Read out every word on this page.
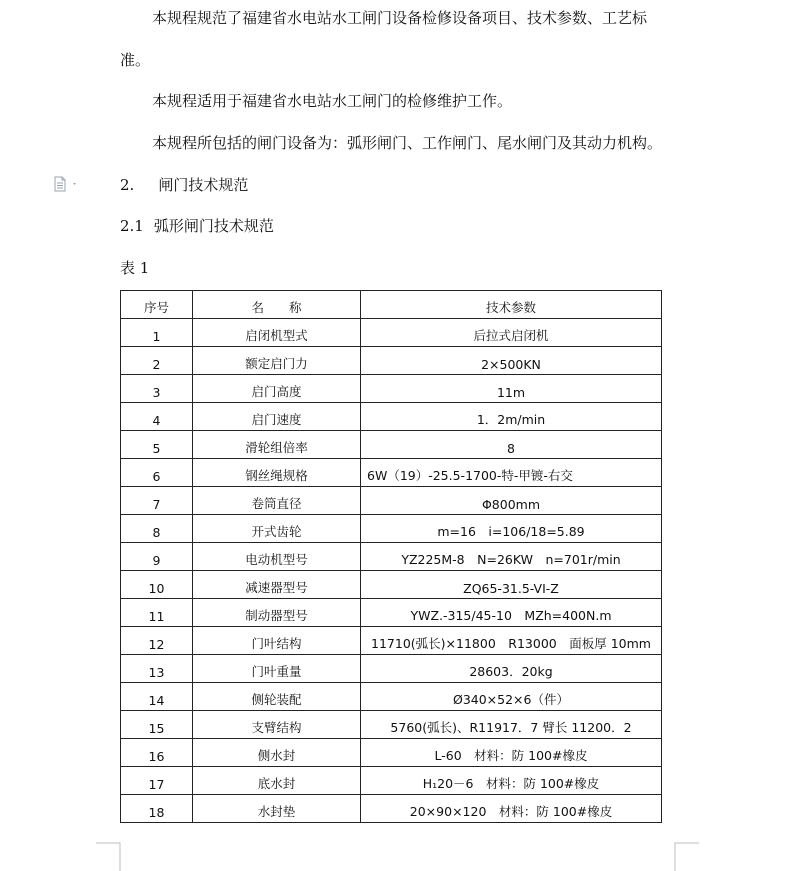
本规程规范了福建省水电站水工闸门设备检修设备项目、技术参数、工艺标
准。
本规程适用于福建省水电站水工闸门的检修维护工作。
本规程所包括的闸门设备为：弧形闸门、工作闸门、尾水闸门及其动力机构。
2. 闸门技术规范
2.1 弧形闸门技术规范
表 1
序号	名　　称	技术参数

1	启闭机型式	后拉式启闭机

2	额定启门力	2×500KN

3	启门高度	11m

4	启门速度	1．2m/min

5	滑轮组倍率	8

6	钢丝绳规格	6W（19）-25.5-1700-特-甲镀-右交

7	卷筒直径	Φ800mm

8	开式齿轮	m=16　i=106/18=5.89

9	电动机型号	YZ225M-8　N=26KW　n=701r/min

10	减速器型号	ZQ65-31.5-VI-Z

11	制动器型号	YWZ.-315/45-10　MZh=400N.m

12	门叶结构	11710(弧长)×11800　R13000　面板厚 10mm

13	门叶重量	28603．20kg

14	侧轮装配	Ø340×52×6（件）

15	支臂结构	5760(弧长)、R11917．7 臂长 11200．2

16	侧水封	L-60　材料：防 100#橡皮

17	底水封	H₁20－6　材料：防 100#橡皮

18	水封垫	20×90×120　材料：防 100#橡皮
